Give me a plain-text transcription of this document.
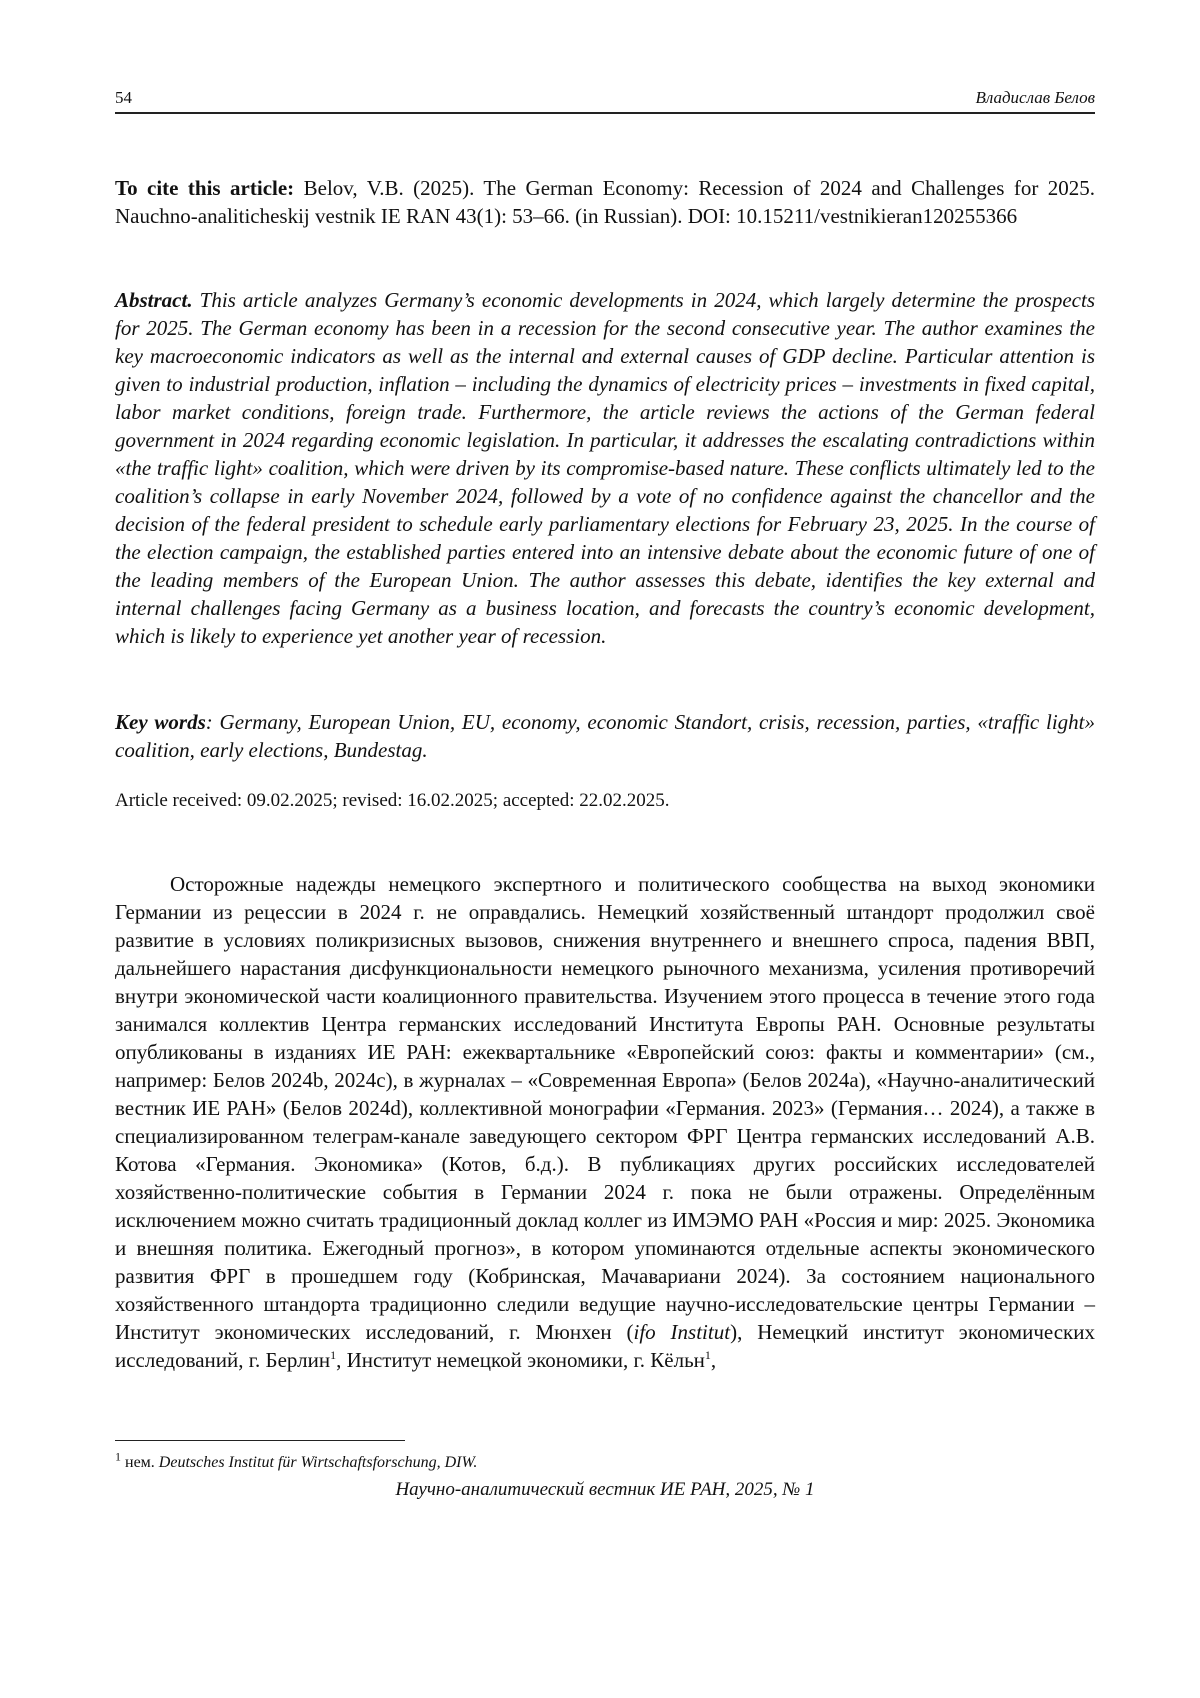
54	Владислав Белов
To cite this article: Belov, V.B. (2025). The German Economy: Recession of 2024 and Challenges for 2025. Nauchno-analiticheskij vestnik IE RAN 43(1): 53–66. (in Russian). DOI: 10.15211/vestnikieran120255366
Abstract. This article analyzes Germany’s economic developments in 2024, which largely determine the prospects for 2025. The German economy has been in a recession for the second consecutive year. The author examines the key macroeconomic indicators as well as the internal and external causes of GDP decline. Particular attention is given to industrial production, inflation – including the dynamics of electricity prices – investments in fixed capital, labor market conditions, foreign trade. Furthermore, the article reviews the actions of the German federal government in 2024 regarding economic legislation. In particular, it addresses the escalating contradictions within «the traffic light» coalition, which were driven by its compromise-based nature. These conflicts ultimately led to the coalition’s collapse in early November 2024, followed by a vote of no confidence against the chancellor and the decision of the federal president to schedule early parliamentary elections for February 23, 2025. In the course of the election campaign, the established parties entered into an intensive debate about the economic future of one of the leading members of the European Union. The author assesses this debate, identifies the key external and internal challenges facing Germany as a business location, and forecasts the country’s economic development, which is likely to experience yet another year of recession.
Key words: Germany, European Union, EU, economy, economic Standort, crisis, recession, parties, «traffic light» coalition, early elections, Bundestag.
Article received: 09.02.2025; revised: 16.02.2025; accepted: 22.02.2025.

Осторожные надежды немецкого экспертного и политического сообщества на выход экономики Германии из рецессии в 2024 г. не оправдались. Немецкий хозяйственный штандорт продолжил своё развитие в условиях поликризисных вызовов, снижения внутреннего и внешнего спроса, падения ВВП, дальнейшего нарастания дисфункциональности немецкого рыночного механизма, усиления противоречий внутри экономической части коалиционного правительства. Изучением этого процесса в течение этого года занимался коллектив Центра германских исследований Института Европы РАН. Основные результаты опубликованы в изданиях ИЕ РАН: ежеквартальнике «Европейский союз: факты и комментарии» (см., например: Белов 2024b, 2024c), в журналах – «Современная Европа» (Белов 2024a), «Научно-аналитический вестник ИЕ РАН» (Белов 2024d), коллективной монографии «Германия. 2023» (Германия… 2024), а также в специализированном телеграм-канале заведующего сектором ФРГ Центра германских исследований А.В. Котова «Германия. Экономика» (Котов, б.д.). В публикациях других российских исследователей хозяйственно-политические события в Германии 2024 г. пока не были отражены. Определённым исключением можно считать традиционный доклад коллег из ИМЭМО РАН «Россия и мир: 2025. Экономика и внешняя политика. Ежегодный прогноз», в котором упоминаются отдельные аспекты экономического развития ФРГ в прошедшем году (Кобринская, Мачавариани 2024). За состоянием национального хозяйственного штандорта традиционно следили ведущие научно-исследовательские центры Германии – Институт экономических исследований, г. Мюнхен (ifo Institut), Немецкий институт экономических исследований, г. Берлин$^1$, Институт немецкой экономики, г. Кёльн$^1$,

$^1$ нем. Deutsches Institut für Wirtschaftsforschung, DIW.
Научно-аналитический вестник ИЕ РАН, 2025, № 1
